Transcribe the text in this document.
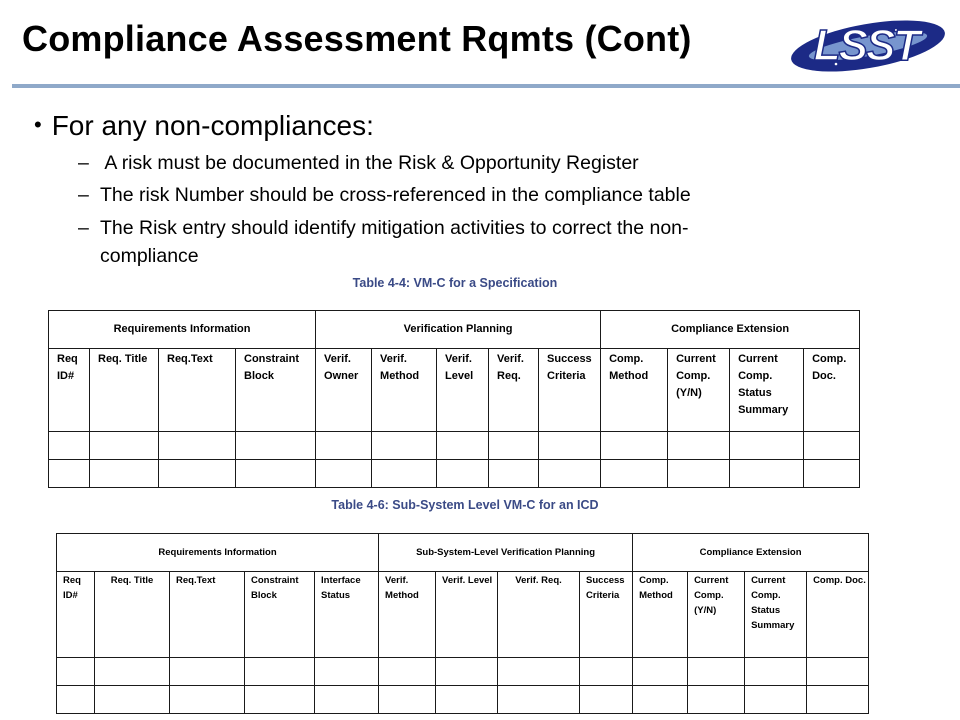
Compliance Assessment Rqmts (Cont)	LSST

• For any non-compliances:

– A risk must be documented in the Risk & Opportunity Register

– The risk Number should be cross-referenced in the compliance table

– The Risk entry should identify mitigation activities to correct the non-
compliance

Table 4-4: VM-C for a Specification

Requirements Information				Verification Planning					Compliance Extension			

Req ID#	Req. Title	Req.Text	Constraint Block	Verif. Owner	Verif. Method	Verif. Level	Verif. Req.	Success Criteria	Comp. Method	Current Comp. (Y/N)	Current Comp. Status Summary	Comp. Doc.

Table 4-6: Sub-System Level VM-C for an ICD

Requirements Information					Sub-System-Level Verification Planning				Compliance Extension			

Req ID#	Req. Title	Req.Text	Constraint Block	Interface Status	Verif. Method	Verif. Level	Verif. Req.	Success Criteria	Comp. Method	Current Comp. (Y/N)	Current Comp. Status Summary	Comp. Doc.
